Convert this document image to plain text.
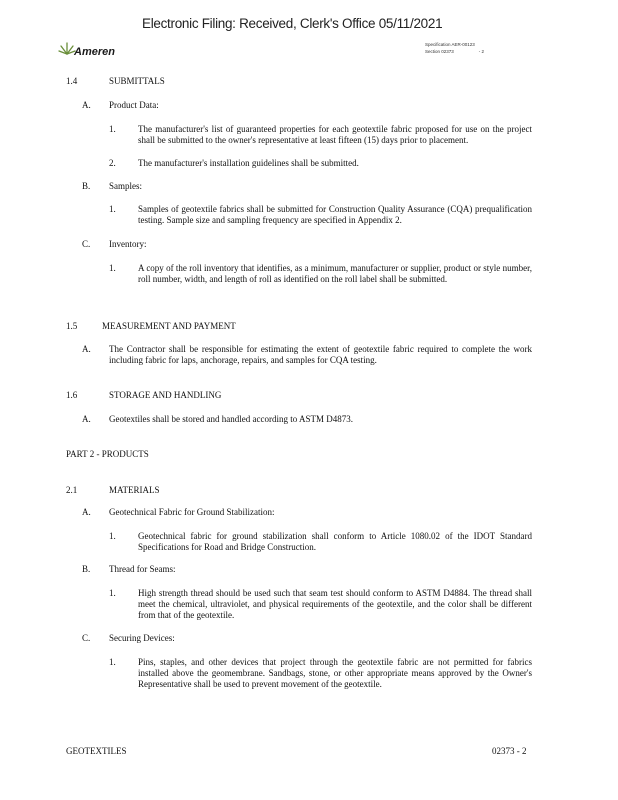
Electronic Filing: Received, Clerk's Office 05/11/2021
Ameren
Specification AER-00123
Section 02373	- 2
1.4	SUBMITTALS
A. Product Data:
1. The manufacturer's list of guaranteed properties for each geotextile fabric proposed for use on the project shall be submitted to the owner's representative at least fifteen (15) days prior to placement.
2. The manufacturer's installation guidelines shall be submitted.
B. Samples:
1. Samples of geotextile fabrics shall be submitted for Construction Quality Assurance (CQA) prequalification testing. Sample size and sampling frequency are specified in Appendix 2.
C. Inventory:
1. A copy of the roll inventory that identifies, as a minimum, manufacturer or supplier, product or style number, roll number, width, and length of roll as identified on the roll label shall be submitted.
1.5	MEASUREMENT AND PAYMENT
A. The Contractor shall be responsible for estimating the extent of geotextile fabric required to complete the work including fabric for laps, anchorage, repairs, and samples for CQA testing.
1.6	STORAGE AND HANDLING
A. Geotextiles shall be stored and handled according to ASTM D4873.
PART 2 - PRODUCTS
2.1	MATERIALS
A. Geotechnical Fabric for Ground Stabilization:
1. Geotechnical fabric for ground stabilization shall conform to Article 1080.02 of the IDOT Standard Specifications for Road and Bridge Construction.
B. Thread for Seams:
1. High strength thread should be used such that seam test should conform to ASTM D4884. The thread shall meet the chemical, ultraviolet, and physical requirements of the geotextile, and the color shall be different from that of the geotextile.
C. Securing Devices:
1. Pins, staples, and other devices that project through the geotextile fabric are not permitted for fabrics installed above the geomembrane. Sandbags, stone, or other appropriate means approved by the Owner's Representative shall be used to prevent movement of the geotextile.
GEOTEXTILES	02373 - 2
